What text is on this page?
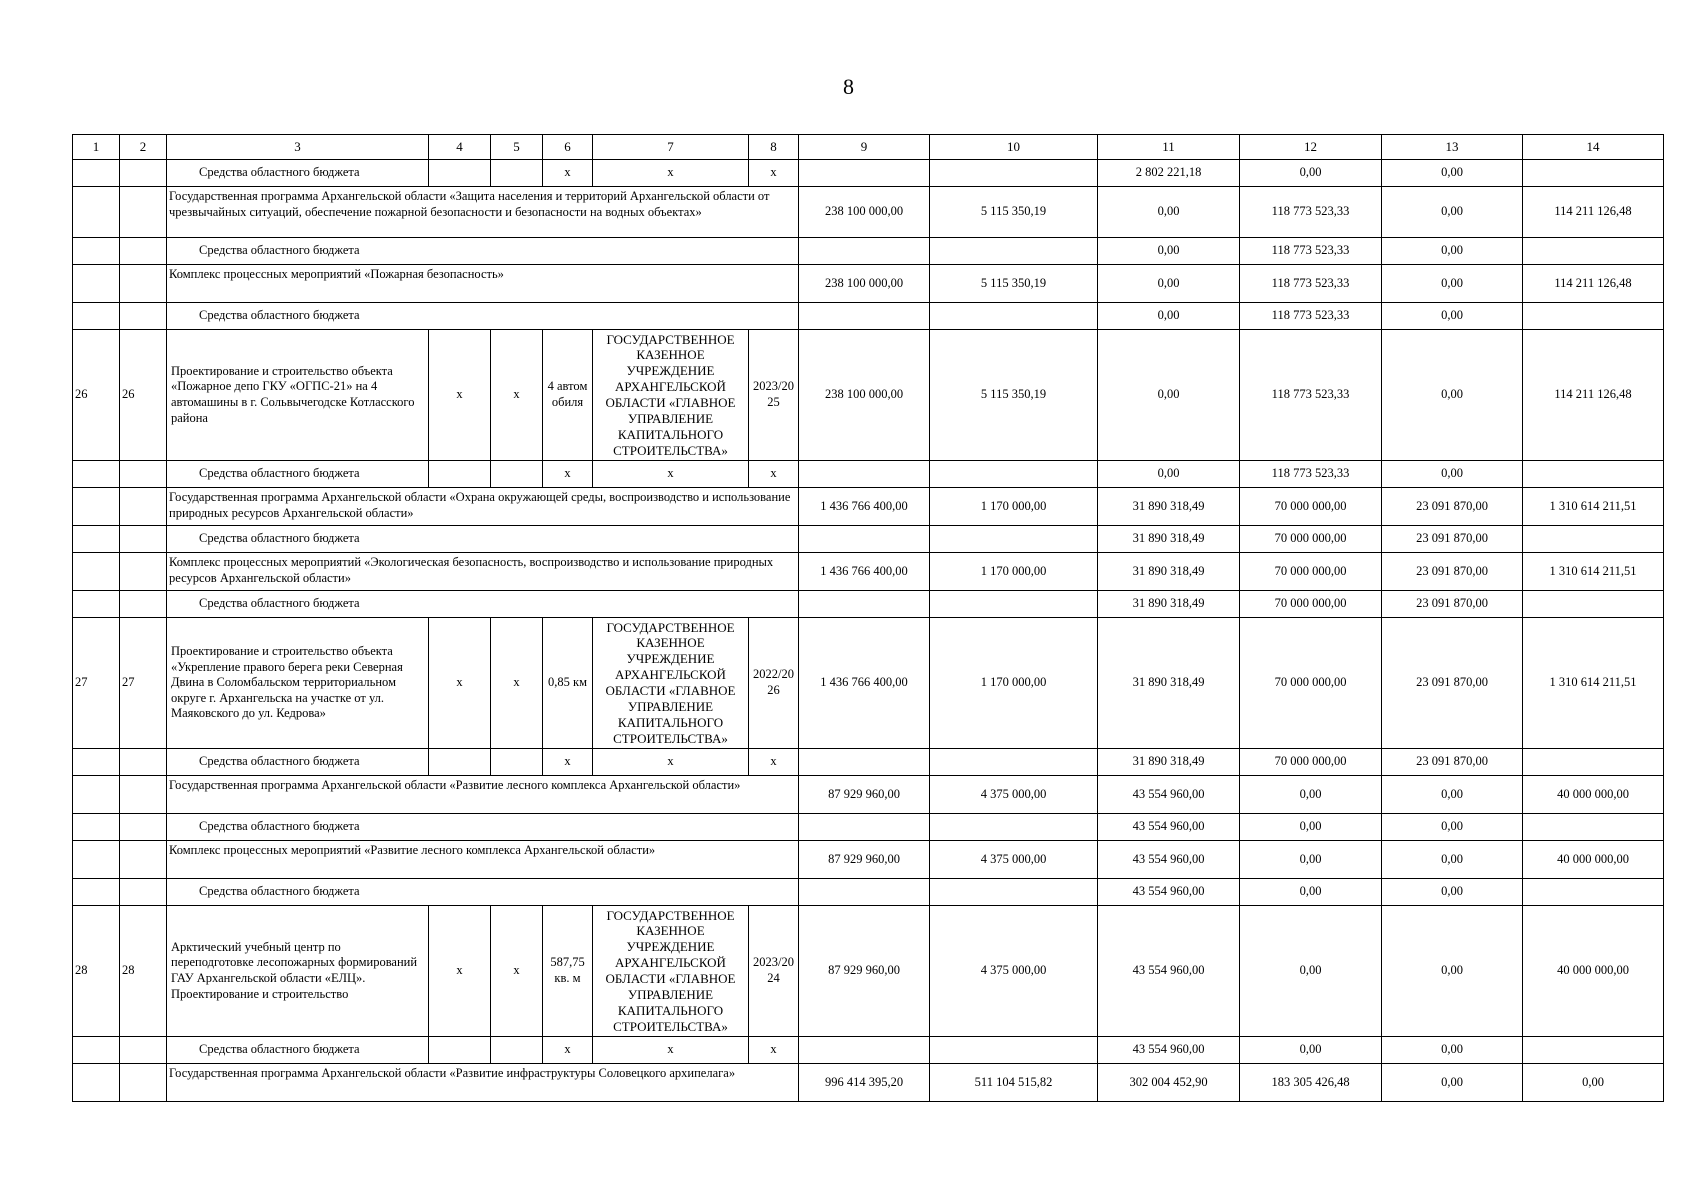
8
1	2	3	4	5	6	7	8	9	10	11	12	13	14
		Средства областного бюджета			х	х	х			2 802 221,18	0,00	0,00	
		Государственная программа Архангельской области «Защита населения и территорий Архангельской области от чрезвычайных ситуаций, обеспечение пожарной безопасности и безопасности на водных объектах»						238 100 000,00	5 115 350,19	0,00	118 773 523,33	0,00	114 211 126,48
		Средства областного бюджета								0,00	118 773 523,33	0,00	
		Комплекс процессных мероприятий «Пожарная безопасность»						238 100 000,00	5 115 350,19	0,00	118 773 523,33	0,00	114 211 126,48
		Средства областного бюджета								0,00	118 773 523,33	0,00	
26	26	Проектирование и строительство объекта «Пожарное депо ГКУ «ОГПС-21» на 4 автомашины в г. Сольвычегодске Котласского района	х	х	4 автом обиля	ГОСУДАРСТВЕННОЕ КАЗЕННОЕ УЧРЕЖДЕНИЕ АРХАНГЕЛЬСКОЙ ОБЛАСТИ «ГЛАВНОЕ УПРАВЛЕНИЕ КАПИТАЛЬНОГО СТРОИТЕЛЬСТВА»	2023/20 25	238 100 000,00	5 115 350,19	0,00	118 773 523,33	0,00	114 211 126,48
		Средства областного бюджета			х	х	х			0,00	118 773 523,33	0,00	
		Государственная программа Архангельской области «Охрана окружающей среды, воспроизводство и использование природных ресурсов Архангельской области»						1 436 766 400,00	1 170 000,00	31 890 318,49	70 000 000,00	23 091 870,00	1 310 614 211,51
		Средства областного бюджета								31 890 318,49	70 000 000,00	23 091 870,00	
		Комплекс процессных мероприятий «Экологическая безопасность, воспроизводство и использование природных ресурсов Архангельской области»						1 436 766 400,00	1 170 000,00	31 890 318,49	70 000 000,00	23 091 870,00	1 310 614 211,51
		Средства областного бюджета								31 890 318,49	70 000 000,00	23 091 870,00	
27	27	Проектирование и строительство объекта «Укрепление правого берега реки Северная Двина в Соломбальском территориальном округе г. Архангельска на участке от ул. Маяковского до ул. Кедрова»	х	х	0,85 км	ГОСУДАРСТВЕННОЕ КАЗЕННОЕ УЧРЕЖДЕНИЕ АРХАНГЕЛЬСКОЙ ОБЛАСТИ «ГЛАВНОЕ УПРАВЛЕНИЕ КАПИТАЛЬНОГО СТРОИТЕЛЬСТВА»	2022/20 26	1 436 766 400,00	1 170 000,00	31 890 318,49	70 000 000,00	23 091 870,00	1 310 614 211,51
		Средства областного бюджета			х	х	х			31 890 318,49	70 000 000,00	23 091 870,00	
		Государственная программа Архангельской области «Развитие лесного комплекса Архангельской области»						87 929 960,00	4 375 000,00	43 554 960,00	0,00	0,00	40 000 000,00
		Средства областного бюджета								43 554 960,00	0,00	0,00	
		Комплекс процессных мероприятий «Развитие лесного комплекса Архангельской области»						87 929 960,00	4 375 000,00	43 554 960,00	0,00	0,00	40 000 000,00
		Средства областного бюджета								43 554 960,00	0,00	0,00	
28	28	Арктический учебный центр по переподготовке лесопожарных формирований ГАУ Архангельской области «ЕЛЦ». Проектирование и строительство	х	х	587,75 кв. м	ГОСУДАРСТВЕННОЕ КАЗЕННОЕ УЧРЕЖДЕНИЕ АРХАНГЕЛЬСКОЙ ОБЛАСТИ «ГЛАВНОЕ УПРАВЛЕНИЕ КАПИТАЛЬНОГО СТРОИТЕЛЬСТВА»	2023/20 24	87 929 960,00	4 375 000,00	43 554 960,00	0,00	0,00	40 000 000,00
		Средства областного бюджета			х	х	х			43 554 960,00	0,00	0,00	
		Государственная программа Архангельской области «Развитие инфраструктуры Соловецкого архипелага»						996 414 395,20	511 104 515,82	302 004 452,90	183 305 426,48	0,00	0,00
